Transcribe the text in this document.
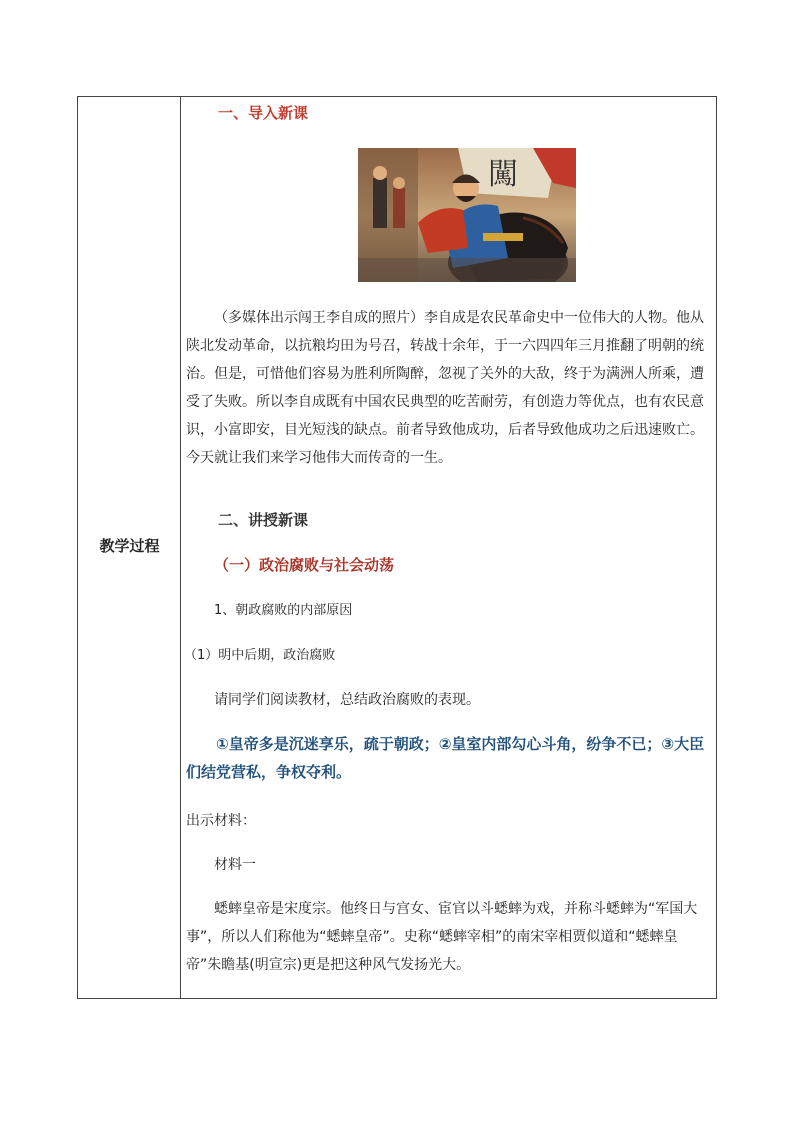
教学过程
一、导入新课
闖
（多媒体出示闯王李自成的照片）李自成是农民革命史中一位伟大的人物。他从陕北发动革命，以抗粮均田为号召，转战十余年，于一六四四年三月推翻了明朝的统治。但是，可惜他们容易为胜利所陶醉，忽视了关外的大敌，终于为满洲人所乘，遭受了失败。所以李自成既有中国农民典型的吃苦耐劳，有创造力等优点，也有农民意识，小富即安，目光短浅的缺点。前者导致他成功，后者导致他成功之后迅速败亡。今天就让我们来学习他伟大而传奇的一生。
二、讲授新课
（一）政治腐败与社会动荡
1、朝政腐败的内部原因
（1）明中后期，政治腐败
请同学们阅读教材，总结政治腐败的表现。
①皇帝多是沉迷享乐，疏于朝政；②皇室内部勾心斗角，纷争不已；③大臣们结党营私，争权夺利。
出示材料：
材料一
蟋蟀皇帝是宋度宗。他终日与宫女、宦官以斗蟋蟀为戏，并称斗蟋蟀为“军国大事”，所以人们称他为“蟋蟀皇帝”。史称“蟋蟀宰相”的南宋宰相贾似道和“蟋蟀皇帝”朱瞻基(明宣宗)更是把这种风气发扬光大。
